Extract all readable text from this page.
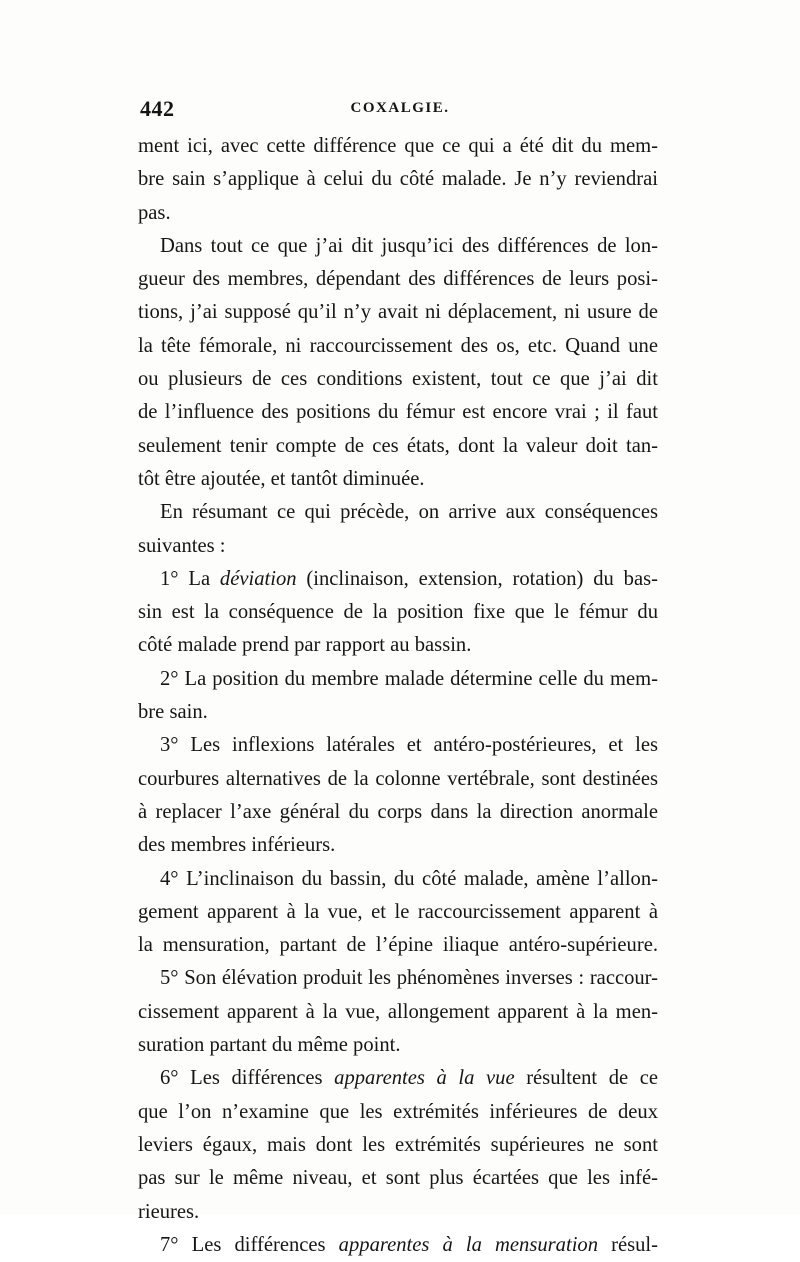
442	COXALGIE.
ment ici, avec cette différence que ce qui a été dit du mem-
bre sain s’applique à celui du côté malade. Je n’y reviendrai
pas.
Dans tout ce que j’ai dit jusqu’ici des différences de lon-
gueur des membres, dépendant des différences de leurs posi-
tions, j’ai supposé qu’il n’y avait ni déplacement, ni usure de
la tête fémorale, ni raccourcissement des os, etc. Quand une
ou plusieurs de ces conditions existent, tout ce que j’ai dit
de l’influence des positions du fémur est encore vrai ; il faut
seulement tenir compte de ces états, dont la valeur doit tan-
tôt être ajoutée, et tantôt diminuée.
En résumant ce qui précède, on arrive aux conséquences
suivantes :
1° La déviation (inclinaison, extension, rotation) du bas-
sin est la conséquence de la position fixe que le fémur du
côté malade prend par rapport au bassin.
2° La position du membre malade détermine celle du mem-
bre sain.
3° Les inflexions latérales et antéro-postérieures, et les
courbures alternatives de la colonne vertébrale, sont destinées
à replacer l’axe général du corps dans la direction anormale
des membres inférieurs.
4° L’inclinaison du bassin, du côté malade, amène l’allon-
gement apparent à la vue, et le raccourcissement apparent à
la mensuration, partant de l’épine iliaque antéro-supérieure.
5° Son élévation produit les phénomènes inverses : raccour-
cissement apparent à la vue, allongement apparent à la men-
suration partant du même point.
6° Les différences apparentes à la vue résultent de ce
que l’on n’examine que les extrémités inférieures de deux
leviers égaux, mais dont les extrémités supérieures ne sont
pas sur le même niveau, et sont plus écartées que les infé-
rieures.
7° Les différences apparentes à la mensuration résul-
